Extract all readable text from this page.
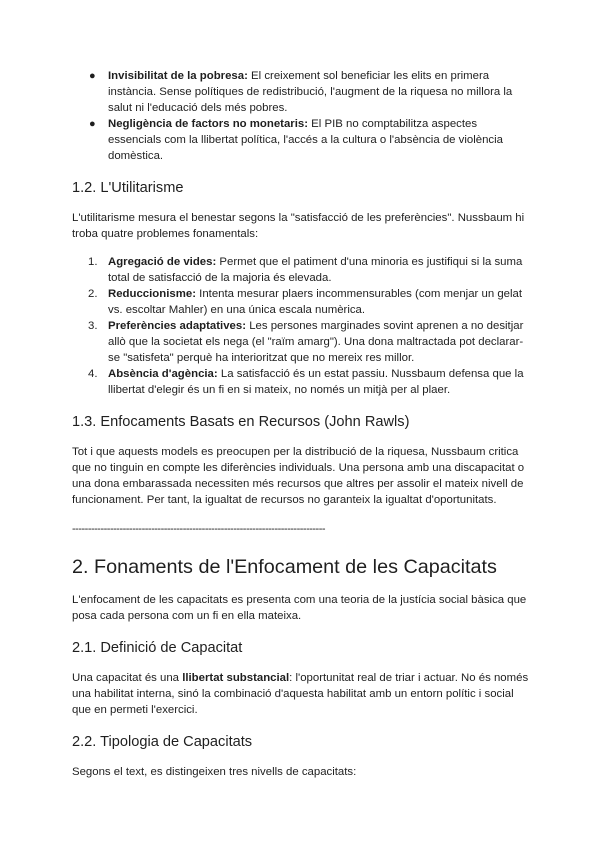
● Invisibilitat de la pobresa: El creixement sol beneficiar les elits en primera instància. Sense polítiques de redistribució, l'augment de la riquesa no millora la salut ni l'educació dels més pobres.
● Negligència de factors no monetaris: El PIB no comptabilitza aspectes essencials com la llibertat política, l'accés a la cultura o l'absència de violència domèstica.
1.2. L'Utilitarisme

L'utilitarisme mesura el benestar segons la "satisfacció de les preferències". Nussbaum hi troba quatre problemes fonamentals:

1. Agregació de vides: Permet que el patiment d'una minoria es justifiqui si la suma total de satisfacció de la majoria és elevada.
2. Reduccionisme: Intenta mesurar plaers incommensurables (com menjar un gelat vs. escoltar Mahler) en una única escala numèrica.
3. Preferències adaptatives: Les persones marginades sovint aprenen a no desitjar allò que la societat els nega (el "raïm amarg"). Una dona maltractada pot declarar-se "satisfeta" perquè ha interioritzat que no mereix res millor.
4. Absència d'agència: La satisfacció és un estat passiu. Nussbaum defensa que la llibertat d'elegir és un fi en si mateix, no només un mitjà per al plaer.
1.3. Enfocaments Basats en Recursos (John Rawls)

Tot i que aquests models es preocupen per la distribució de la riquesa, Nussbaum critica que no tinguin en compte les diferències individuals. Una persona amb una discapacitat o una dona embarassada necessiten més recursos que altres per assolir el mateix nivell de funcionament. Per tant, la igualtat de recursos no garanteix la igualtat d'oportunitats.

--------------------------------------------------------------------------------
2. Fonaments de l'Enfocament de les Capacitats

L'enfocament de les capacitats es presenta com una teoria de la justícia social bàsica que posa cada persona com un fi en ella mateixa.

2.1. Definició de Capacitat

Una capacitat és una llibertat substancial: l'oportunitat real de triar i actuar. No és només una habilitat interna, sinó la combinació d'aquesta habilitat amb un entorn polític i social que en permeti l'exercici.

2.2. Tipologia de Capacitats

Segons el text, es distingeixen tres nivells de capacitats:
